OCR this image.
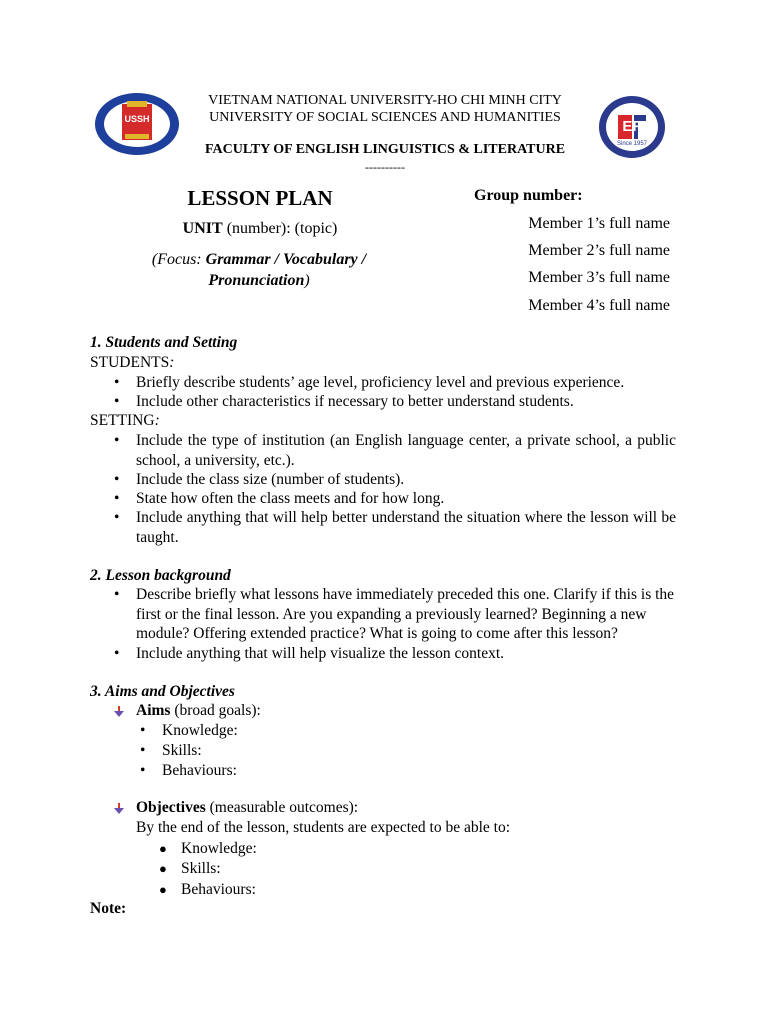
USSH	EF
Since 1957
VIETNAM NATIONAL UNIVERSITY-HO CHI MINH CITY
UNIVERSITY OF SOCIAL SCIENCES AND HUMANITIES
FACULTY OF ENGLISH LINGUISTICS & LITERATURE
----------
LESSON PLAN
UNIT (number): (topic)
(Focus: Grammar / Vocabulary / Pronunciation)
Group number:
Member 1’s full name
Member 2’s full name
Member 3’s full name
Member 4’s full name
1. Students and Setting
STUDENTS:
• Briefly describe students’ age level, proficiency level and previous experience.
• Include other characteristics if necessary to better understand students.
SETTING:
• Include the type of institution (an English language center, a private school, a public school, a university, etc.).
• Include the class size (number of students).
• State how often the class meets and for how long.
• Include anything that will help better understand the situation where the lesson will be taught.
2. Lesson background
• Describe briefly what lessons have immediately preceded this one. Clarify if this is the first or the final lesson. Are you expanding a previously learned? Beginning a new module? Offering extended practice? What is going to come after this lesson?
• Include anything that will help visualize the lesson context.
3. Aims and Objectives
Aims (broad goals):
• Knowledge:
• Skills:
• Behaviours:
Objectives (measurable outcomes):
By the end of the lesson, students are expected to be able to:
● Knowledge:
● Skills:
● Behaviours:
Note:
